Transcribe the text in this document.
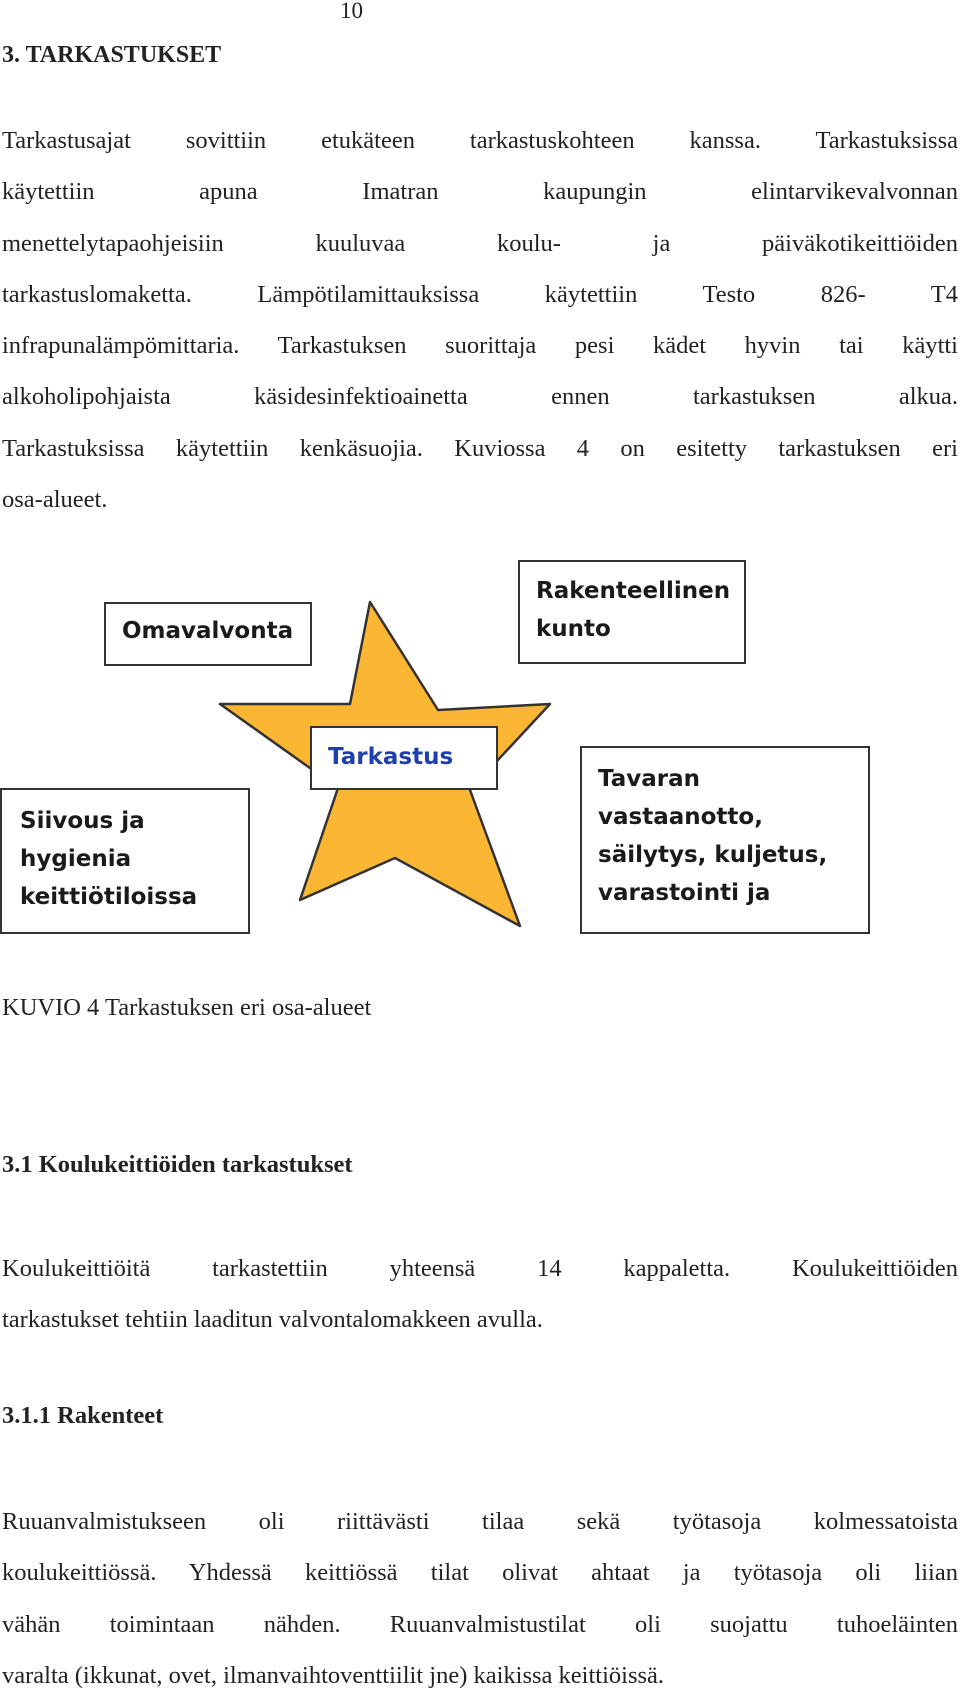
10
3. TARKASTUKSET
Tarkastusajat sovittiin etukäteen tarkastuskohteen kanssa. Tarkastuksissa
käytettiin apuna Imatran kaupungin elintarvikevalvonnan
menettelytapaohjeisiin kuuluvaa koulu- ja päiväkotikeittiöiden
tarkastuslomaketta. Lämpötilamittauksissa käytettiin Testo 826- T4
infrapunalämpömittaria. Tarkastuksen suorittaja pesi kädet hyvin tai käytti
alkoholipohjaista käsidesinfektioainetta ennen tarkastuksen alkua.
Tarkastuksissa käytettiin kenkäsuojia. Kuviossa 4 on esitetty tarkastuksen eri
osa-alueet.
Omavalvonta
Rakenteellinen
kunto
Tarkastus
Siivous ja
hygienia
keittiötiloissa
Tavaran
vastaanotto,
säilytys, kuljetus,
varastointi ja
KUVIO 4 Tarkastuksen eri osa-alueet
3.1 Koulukeittiöiden tarkastukset
Koulukeittiöitä tarkastettiin yhteensä 14 kappaletta. Koulukeittiöiden
tarkastukset tehtiin laaditun valvontalomakkeen avulla.
3.1.1 Rakenteet
Ruuanvalmistukseen oli riittävästi tilaa sekä työtasoja kolmessatoista
koulukeittiössä. Yhdessä keittiössä tilat olivat ahtaat ja työtasoja oli liian
vähän toimintaan nähden. Ruuanvalmistustilat oli suojattu tuhoeläinten
varalta (ikkunat, ovet, ilmanvaihtoventtiilit jne) kaikissa keittiöissä.
